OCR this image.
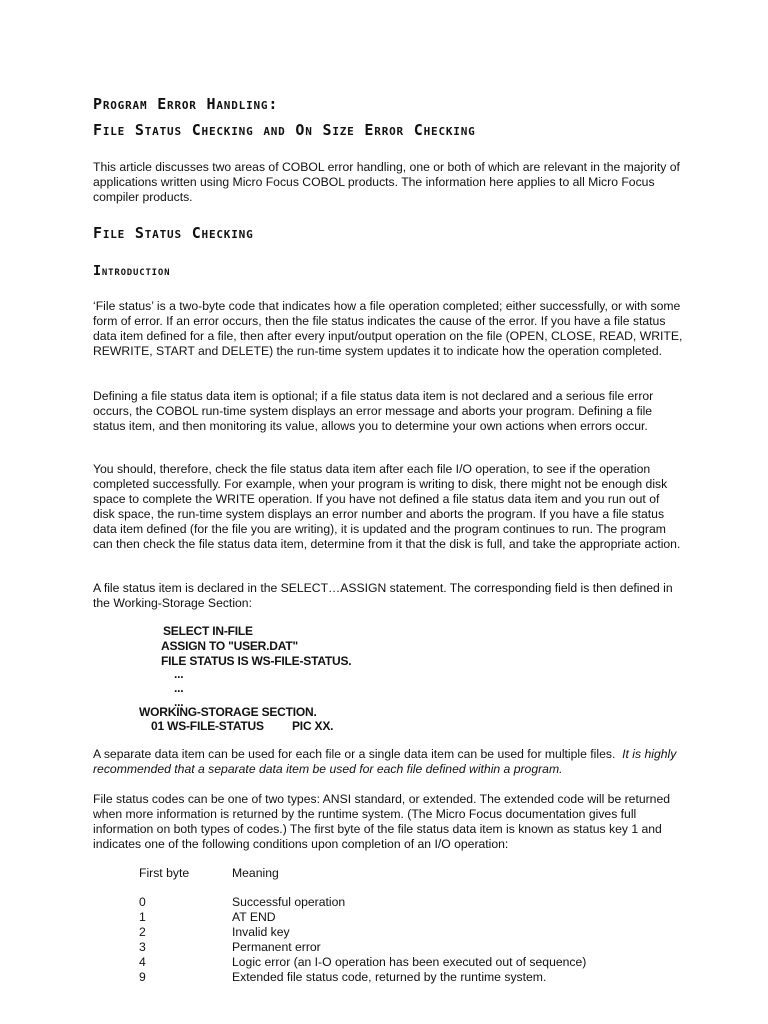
Program Error Handling:
File Status Checking and On Size Error Checking

This article discusses two areas of COBOL error handling, one or both of which are relevant in the majority of applications written using Micro Focus COBOL products. The information here applies to all Micro Focus compiler products.

File Status Checking
Introduction

‘File status’ is a two-byte code that indicates how a file operation completed; either successfully, or with some form of error. If an error occurs, then the file status indicates the cause of the error. If you have a file status data item defined for a file, then after every input/output operation on the file (OPEN, CLOSE, READ, WRITE, REWRITE, START and DELETE) the run-time system updates it to indicate how the operation completed.

Defining a file status data item is optional; if a file status data item is not declared and a serious file error occurs, the COBOL run-time system displays an error message and aborts your program. Defining a file status item, and then monitoring its value, allows you to determine your own actions when errors occur.

You should, therefore, check the file status data item after each file I/O operation, to see if the operation completed successfully. For example, when your program is writing to disk, there might not be enough disk space to complete the WRITE operation. If you have not defined a file status data item and you run out of disk space, the run-time system displays an error number and aborts the program. If you have a file status data item defined (for the file you are writing), it is updated and the program continues to run. The program can then check the file status data item, determine from it that the disk is full, and take the appropriate action.

A file status item is declared in the SELECT…ASSIGN statement. The corresponding field is then defined in the Working-Storage Section:

SELECT IN-FILE
ASSIGN TO "USER.DAT"
FILE STATUS IS WS-FILE-STATUS.
...
...
...
WORKING-STORAGE SECTION.
01 WS-FILE-STATUS PIC XX.

A separate data item can be used for each file or a single data item can be used for multiple files. It is highly recommended that a separate data item be used for each file defined within a program.

File status codes can be one of two types: ANSI standard, or extended. The extended code will be returned when more information is returned by the runtime system. (The Micro Focus documentation gives full information on both types of codes.) The first byte of the file status data item is known as status key 1 and indicates one of the following conditions upon completion of an I/O operation:

First byte	Meaning
0	Successful operation
1	AT END
2	Invalid key
3	Permanent error
4	Logic error (an I-O operation has been executed out of sequence)
9	Extended file status code, returned by the runtime system.
